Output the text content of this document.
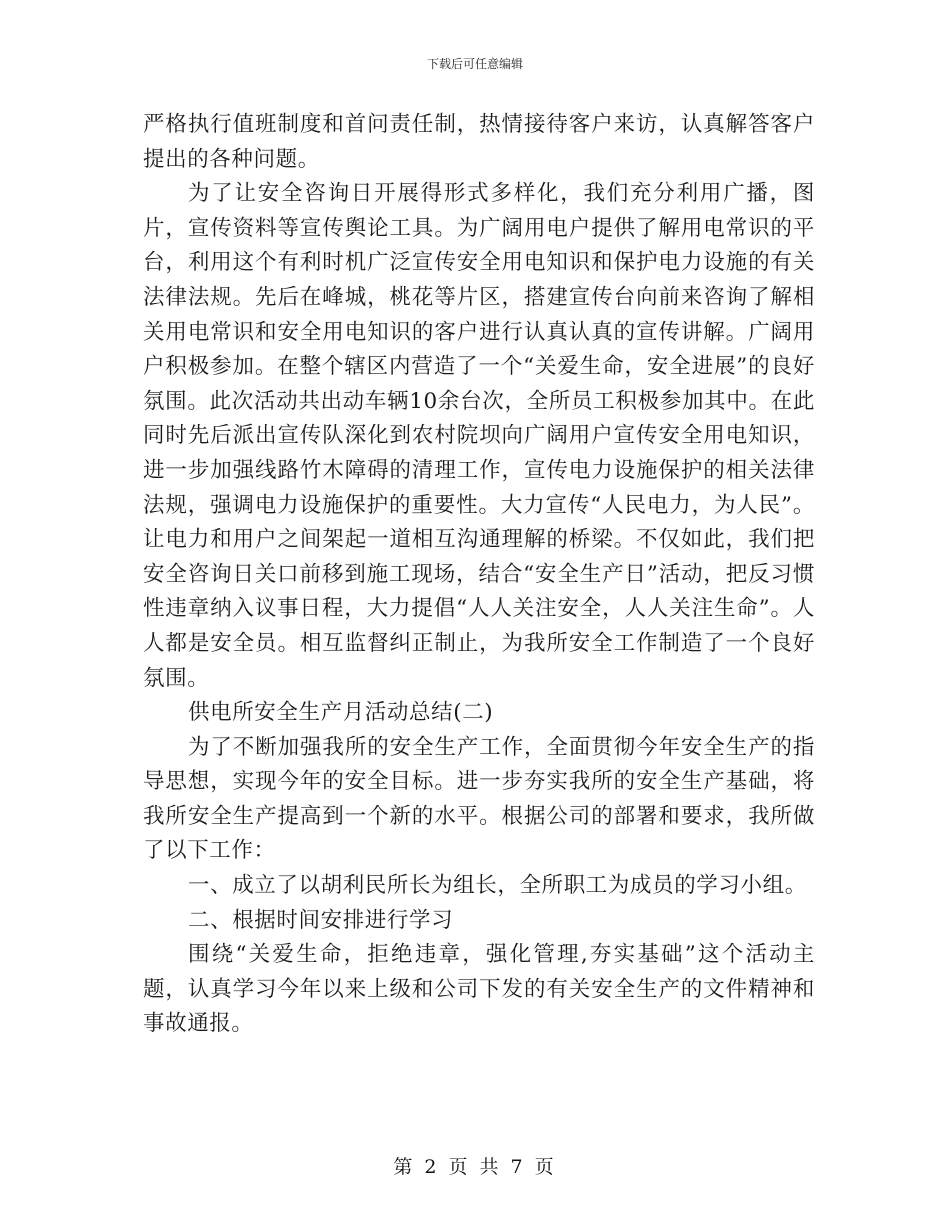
下载后可任意编辑

严格执行值班制度和首问责任制，热情接待客户来访，认真解答客户提出的各种问题。

为了让安全咨询日开展得形式多样化，我们充分利用广播，图片，宣传资料等宣传舆论工具。为广阔用电户提供了解用电常识的平台，利用这个有利时机广泛宣传安全用电知识和保护电力设施的有关法律法规。先后在峰城，桃花等片区，搭建宣传台向前来咨询了解相关用电常识和安全用电知识的客户进行认真认真的宣传讲解。广阔用户积极参加。在整个辖区内营造了一个“关爱生命，安全进展”的良好氛围。此次活动共出动车辆10余台次，全所员工积极参加其中。在此同时先后派出宣传队深化到农村院坝向广阔用户宣传安全用电知识，进一步加强线路竹木障碍的清理工作，宣传电力设施保护的相关法律法规，强调电力设施保护的重要性。大力宣传“人民电力，为人民”。让电力和用户之间架起一道相互沟通理解的桥梁。不仅如此，我们把安全咨询日关口前移到施工现场，结合“安全生产日”活动，把反习惯性违章纳入议事日程，大力提倡“人人关注安全，人人关注生命”。人人都是安全员。相互监督纠正制止，为我所安全工作制造了一个良好氛围。

供电所安全生产月活动总结(二)

为了不断加强我所的安全生产工作，全面贯彻今年安全生产的指导思想，实现今年的安全目标。进一步夯实我所的安全生产基础，将我所安全生产提高到一个新的水平。根据公司的部署和要求，我所做了以下工作：

一、成立了以胡利民所长为组长，全所职工为成员的学习小组。

二、根据时间安排进行学习

围绕“关爱生命，拒绝违章，强化管理,夯实基础”这个活动主题，认真学习今年以来上级和公司下发的有关安全生产的文件精神和事故通报。

第 2 页 共 7 页
